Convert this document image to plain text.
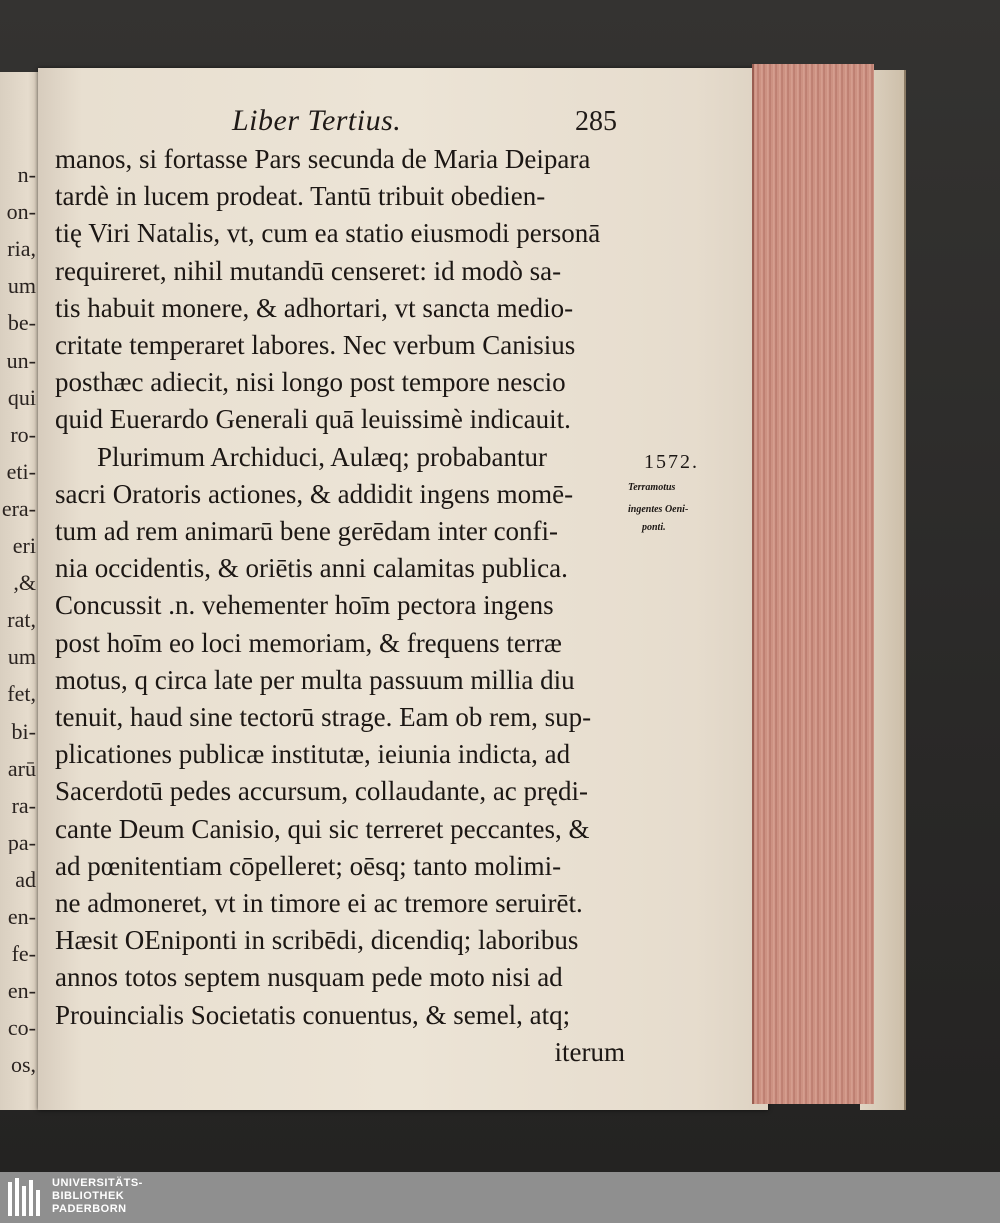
n-
on-
ria,
um
be-
un-
qui
ro-
eti-
era-
eri
,&
rat,
um
fet,
bi-
arū
ra-
pa-
ad
en-
fe-
en-
co-
os,
Liber Tertius.	285
manos, si fortasse Pars secunda de Maria Deipara
tardè in lucem prodeat. Tantū tribuit obedien-
tię Viri Natalis, vt, cum ea statio eiusmodi personā
requireret, nihil mutandū censeret: id modò sa-
tis habuit monere, & adhortari, vt sancta medio-
critate temperaret labores. Nec verbum Canisius
posthæc adiecit, nisi longo post tempore nescio
quid Euerardo Generali quā leuissimè indicauit.
Plurimum Archiduci, Aulæq; probabantur
sacri Oratoris actiones, & addidit ingens momē-
tum ad rem animarū bene gerēdam inter confi-
nia occidentis, & oriētis anni calamitas publica.
Concussit .n. vehementer hoīm pectora ingens
post hoīm eo loci memoriam, & frequens terræ
motus, q circa late per multa passuum millia diu
tenuit, haud sine tectorū strage. Eam ob rem, sup-
plicationes publicæ institutæ, ieiunia indicta, ad
Sacerdotū pedes accursum, collaudante, ac prędi-
cante Deum Canisio, qui sic terreret peccantes, &
ad pœnitentiam cōpelleret; oēsq; tanto molimi-
ne admoneret, vt in timore ei ac tremore seruirēt.
Hæsit OEniponti in scribēdi, dicendiq; laboribus
annos totos septem nusquam pede moto nisi ad
Prouincialis Societatis conuentus, & semel, atq;
iterum
1572.
Terramotus
ingentes Oeni-
ponti.
UNIVERSITÄTS-
BIBLIOTHEK
PADERBORN
